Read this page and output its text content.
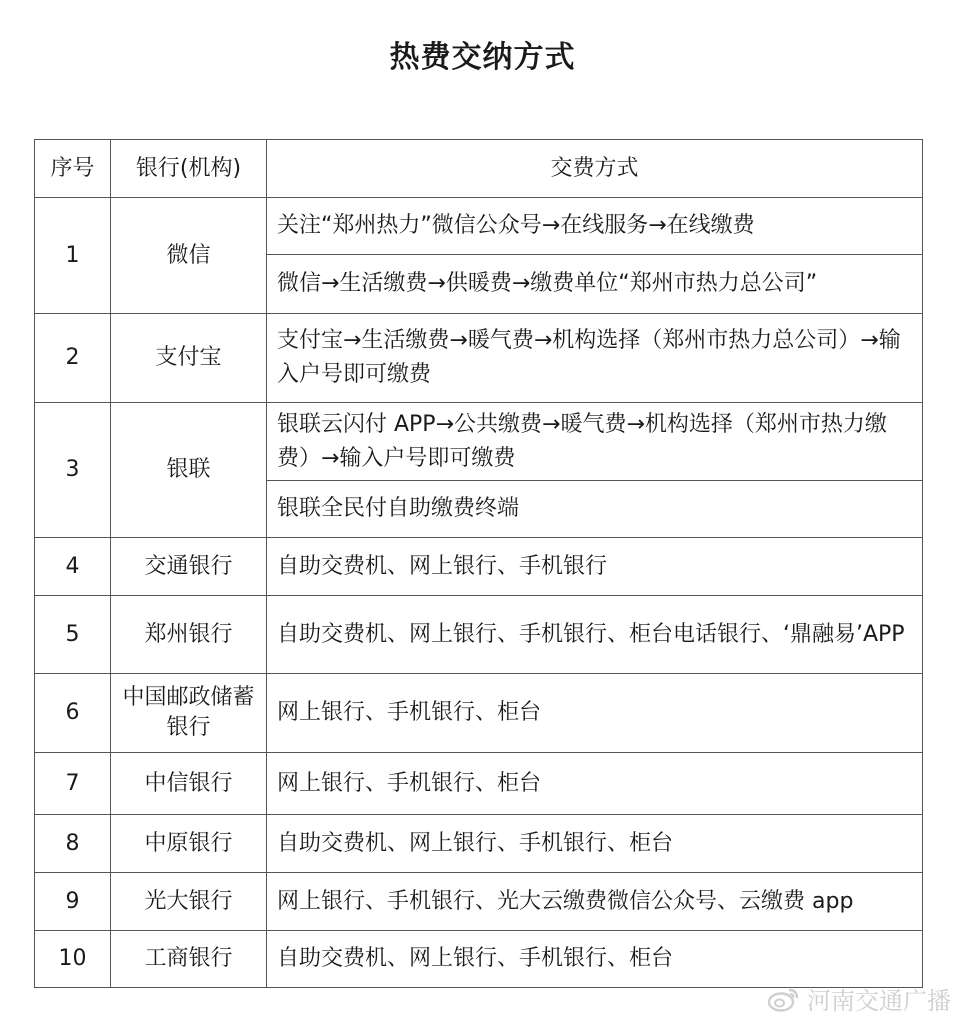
热费交纳方式
序号	银行(机构)	交费方式
1	微信	关注“郑州热力”微信公众号→在线服务→在线缴费
		微信→生活缴费→供暖费→缴费单位“郑州市热力总公司”
2	支付宝	支付宝→生活缴费→暖气费→机构选择（郑州市热力总公司）→输入户号即可缴费
3	银联	银联云闪付 APP→公共缴费→暖气费→机构选择（郑州市热力缴费）→输入户号即可缴费
		银联全民付自助缴费终端
4	交通银行	自助交费机、网上银行、手机银行
5	郑州银行	自助交费机、网上银行、手机银行、柜台电话银行、‘鼎融易’APP
6	中国邮政储蓄银行	网上银行、手机银行、柜台
7	中信银行	网上银行、手机银行、柜台
8	中原银行	自助交费机、网上银行、手机银行、柜台
9	光大银行	网上银行、手机银行、光大云缴费微信公众号、云缴费 app
10	工商银行	自助交费机、网上银行、手机银行、柜台
河南交通广播
